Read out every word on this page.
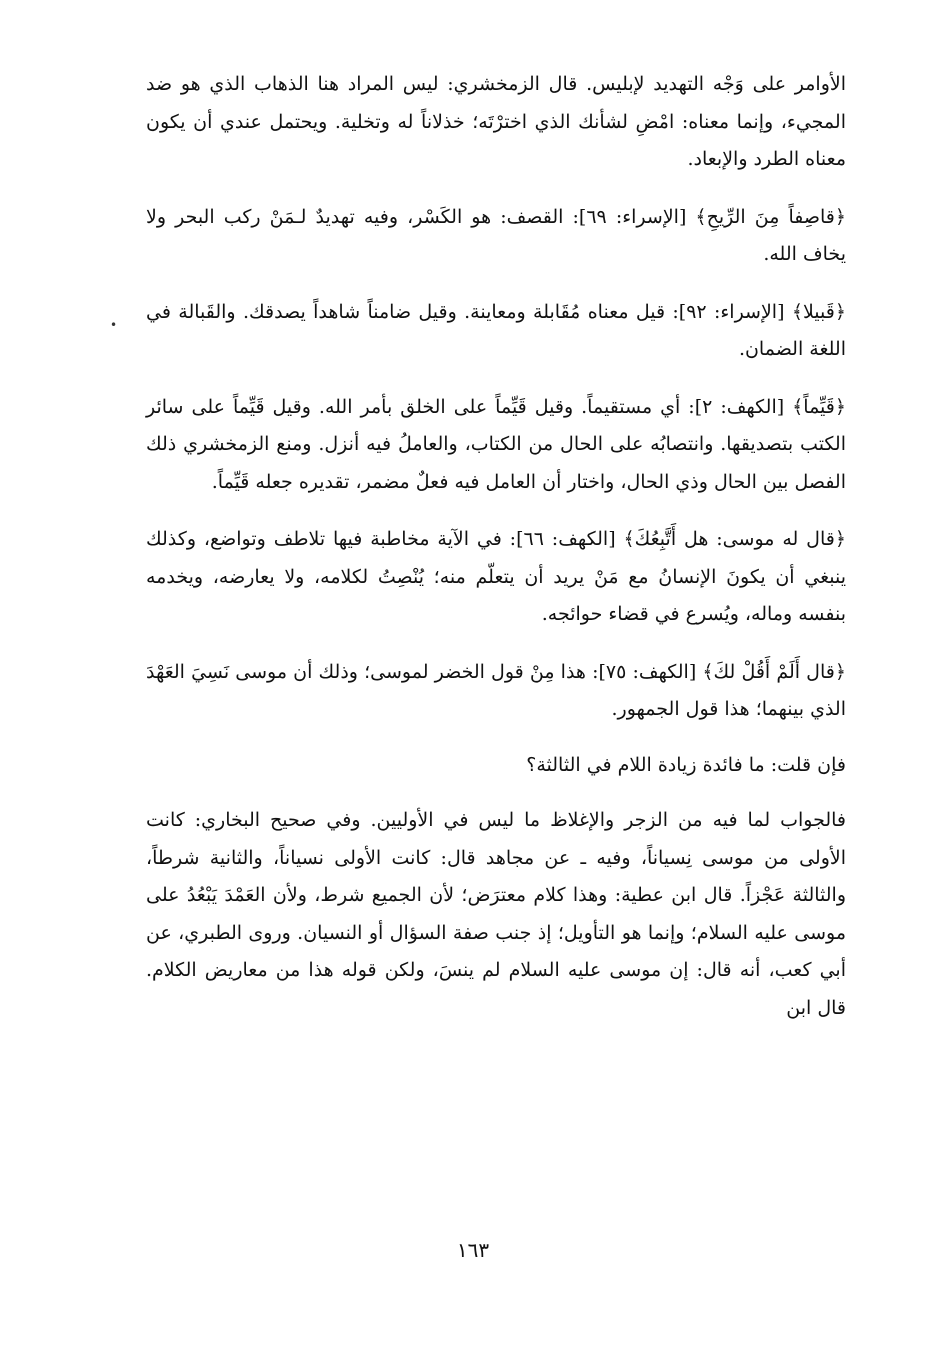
•

الأوامر على وَجْه التهديد لإبليس. قال الزمخشري: ليس المراد هنا الذهاب الذي هو ضد المجيء، وإنما معناه: امْضِ لشأنك الذي اخترْتَه؛ خذلاناً له وتخلية. ويحتمل عندي أن يكون معناه الطرد والإبعاد.

﴿قاصِفاً مِنَ الرِّيحِ﴾ [الإسراء: ٦٩]: القصف: هو الكَسْر، وفيه تهديدٌ لـمَنْ ركب البحر ولا يخاف الله.

﴿قَبيلا﴾ [الإسراء: ٩٢]: قيل معناه مُقَابلة ومعاينة. وقيل ضامناً شاهداً يصدقك. والقَبالة في اللغة الضمان.

﴿قَيِّماً﴾ [الكهف: ٢]: أي مستقيماً. وقيل قَيِّماً على الخلق بأمر الله. وقيل قَيِّماً على سائر الكتب بتصديقها. وانتصابُه على الحال من الكتاب، والعاملُ فيه أنزل. ومنع الزمخشري ذلك الفصل بين الحال وذي الحال، واختار أن العامل فيه فعلٌ مضمر، تقديره جعله قَيِّماً.

﴿قال له موسى: هل أَتَّبِعُكَ﴾ [الكهف: ٦٦]: في الآية مخاطبة فيها تلاطف وتواضع، وكذلك ينبغي أن يكونَ الإنسانُ مع مَنْ يريد أن يتعلّم منه؛ يُنْصِتُ لكلامه، ولا يعارضه، ويخدمه بنفسه وماله، ويُسرع في قضاء حوائجه.

﴿قال أَلَمْ أَقُلْ لكَ﴾ [الكهف: ٧٥]: هذا مِنْ قول الخضر لموسى؛ وذلك أن موسى نَسِيَ العَهْدَ الذي بينهما؛ هذا قول الجمهور.

فإن قلت: ما فائدة زيادة اللام في الثالثة؟

فالجواب لما فيه من الزجر والإغلاظ ما ليس في الأوليين. وفي صحيح البخاري: كانت الأولى من موسى نِسياناً، وفيه ـ عن مجاهد قال: كانت الأولى نسياناً، والثانية شرطاً، والثالثة عَجْزاً. قال ابن عطية: وهذا كلام معترَض؛ لأن الجميع شرط، ولأن العَمْدَ يَبْعُدُ على موسى عليه السلام؛ وإنما هو التأويل؛ إذ جنب صفة السؤال أو النسيان. وروى الطبري، عن أبي كعب، أنه قال: إن موسى عليه السلام لم ينسَ، ولكن قوله هذا من معاريض الكلام. قال ابن

١٦٣
